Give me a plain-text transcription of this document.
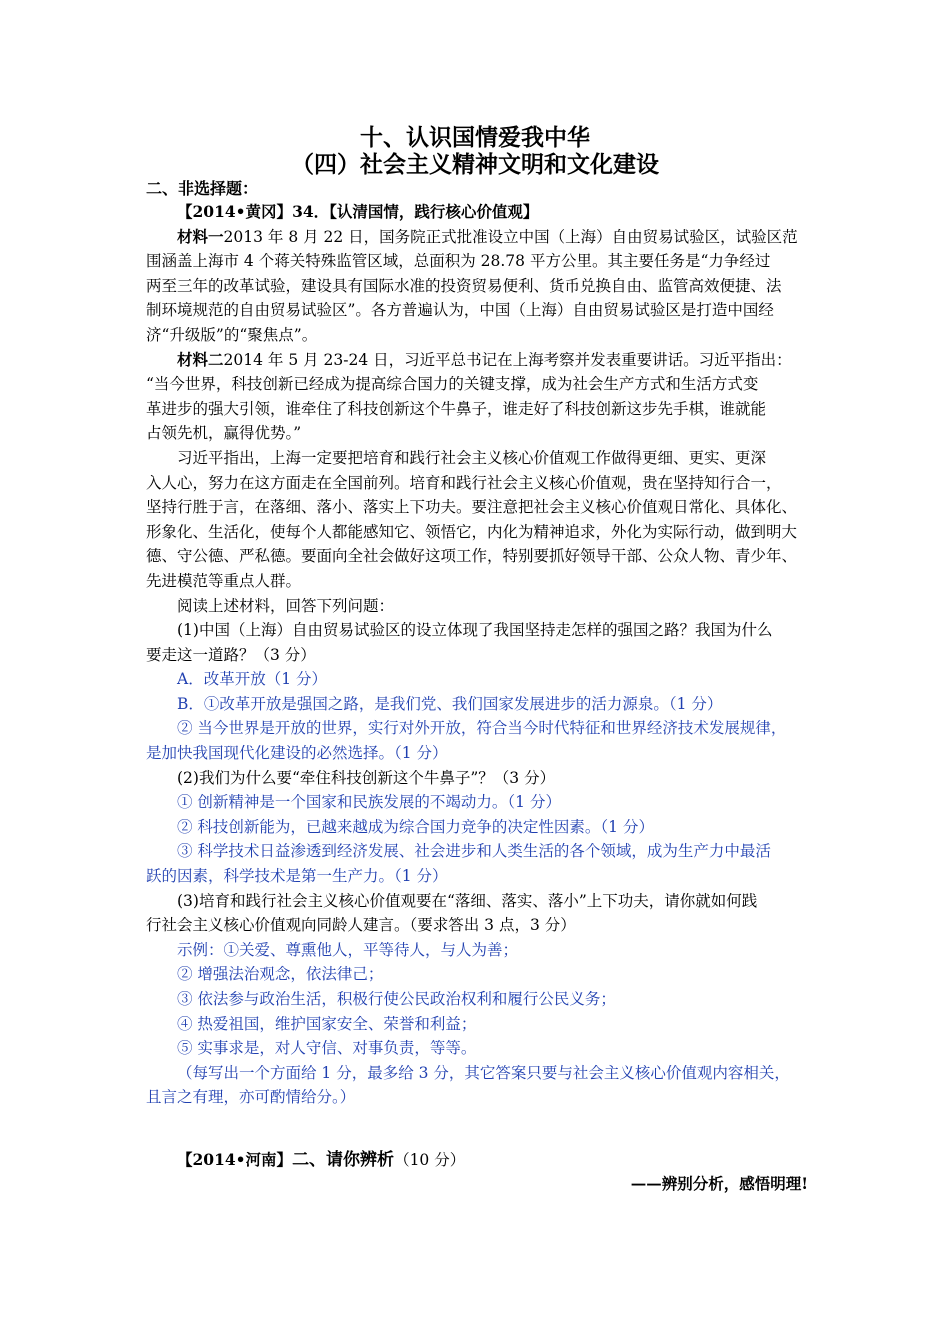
十、认识国情爱我中华
（四）社会主义精神文明和文化建设
二、非选择题：
【2014•黄冈】34．【认清国情，践行核心价值观】
材料一2013 年 8 月 22 日，国务院正式批准设立中国（上海）自由贸易试验区，试验区范
围涵盖上海市 4 个蒋关特殊监管区域，总面积为 28.78 平方公里。其主要任务是“力争经过
两至三年的改革试验，建设具有国际水准的投资贸易便利、货币兑换自由、监管高效便捷、法
制环境规范的自由贸易试验区”。各方普遍认为，中国（上海）自由贸易试验区是打造中国经
济“升级版”的“聚焦点”。
材料二2014 年 5 月 23-24 日，习近平总书记在上海考察并发表重要讲话。习近平指出：
“当今世界，科技创新已经成为提高综合国力的关键支撑，成为社会生产方式和生活方式变
革进步的强大引领，谁牵住了科技创新这个牛鼻子，谁走好了科技创新这步先手棋，谁就能
占领先机，赢得优势。”
习近平指出，上海一定要把培育和践行社会主义核心价值观工作做得更细、更实、更深
入人心，努力在这方面走在全国前列。培育和践行社会主义核心价值观，贵在坚持知行合一，
坚持行胜于言，在落细、落小、落实上下功夫。要注意把社会主义核心价值观日常化、具体化、
形象化、生活化，使每个人都能感知它、领悟它，内化为精神追求，外化为实际行动，做到明大
德、守公德、严私德。要面向全社会做好这项工作，特别要抓好领导干部、公众人物、青少年、
先进模范等重点人群。
阅读上述材料，回答下列问题：
(1)中国（上海）自由贸易试验区的设立体现了我国坚持走怎样的强国之路？我国为什么
要走这一道路？（3 分）
A．改革开放（1 分）
B．①改革开放是强国之路，是我们党、我们国家发展进步的活力源泉。（1 分）
② 当今世界是开放的世界，实行对外开放，符合当今时代特征和世界经济技术发展规律，
是加快我国现代化建设的必然选择。（1 分）
(2)我们为什么要“牵住科技创新这个牛鼻子”？（3 分）
① 创新精神是一个国家和民族发展的不竭动力。（1 分）
② 科技创新能为，已越来越成为综合国力竞争的决定性因素。（1 分）
③ 科学技术日益渗透到经济发展、社会进步和人类生活的各个领域，成为生产力中最活
跃的因素，科学技术是第一生产力。（1 分）
(3)培育和践行社会主义核心价值观要在“落细、落实、落小”上下功夫，请你就如何践
行社会主义核心价值观向同龄人建言。（要求答出 3 点，3 分）
示例：①关爱、尊熏他人，平等待人，与人为善；
② 增强法治观念，依法律己；
③ 依法参与政治生活，积极行使公民政治权利和履行公民义务；
④ 热爱祖国，维护国家安全、荣誉和利益；
⑤ 实事求是，对人守信、对事负责，等等。
（每写出一个方面给 1 分，最多给 3 分，其它答案只要与社会主义核心价值观内容相关，
且言之有理，亦可酌情给分。）
【2014•河南】二、请你辨析（10 分）
——辨别分析，感悟明理!
